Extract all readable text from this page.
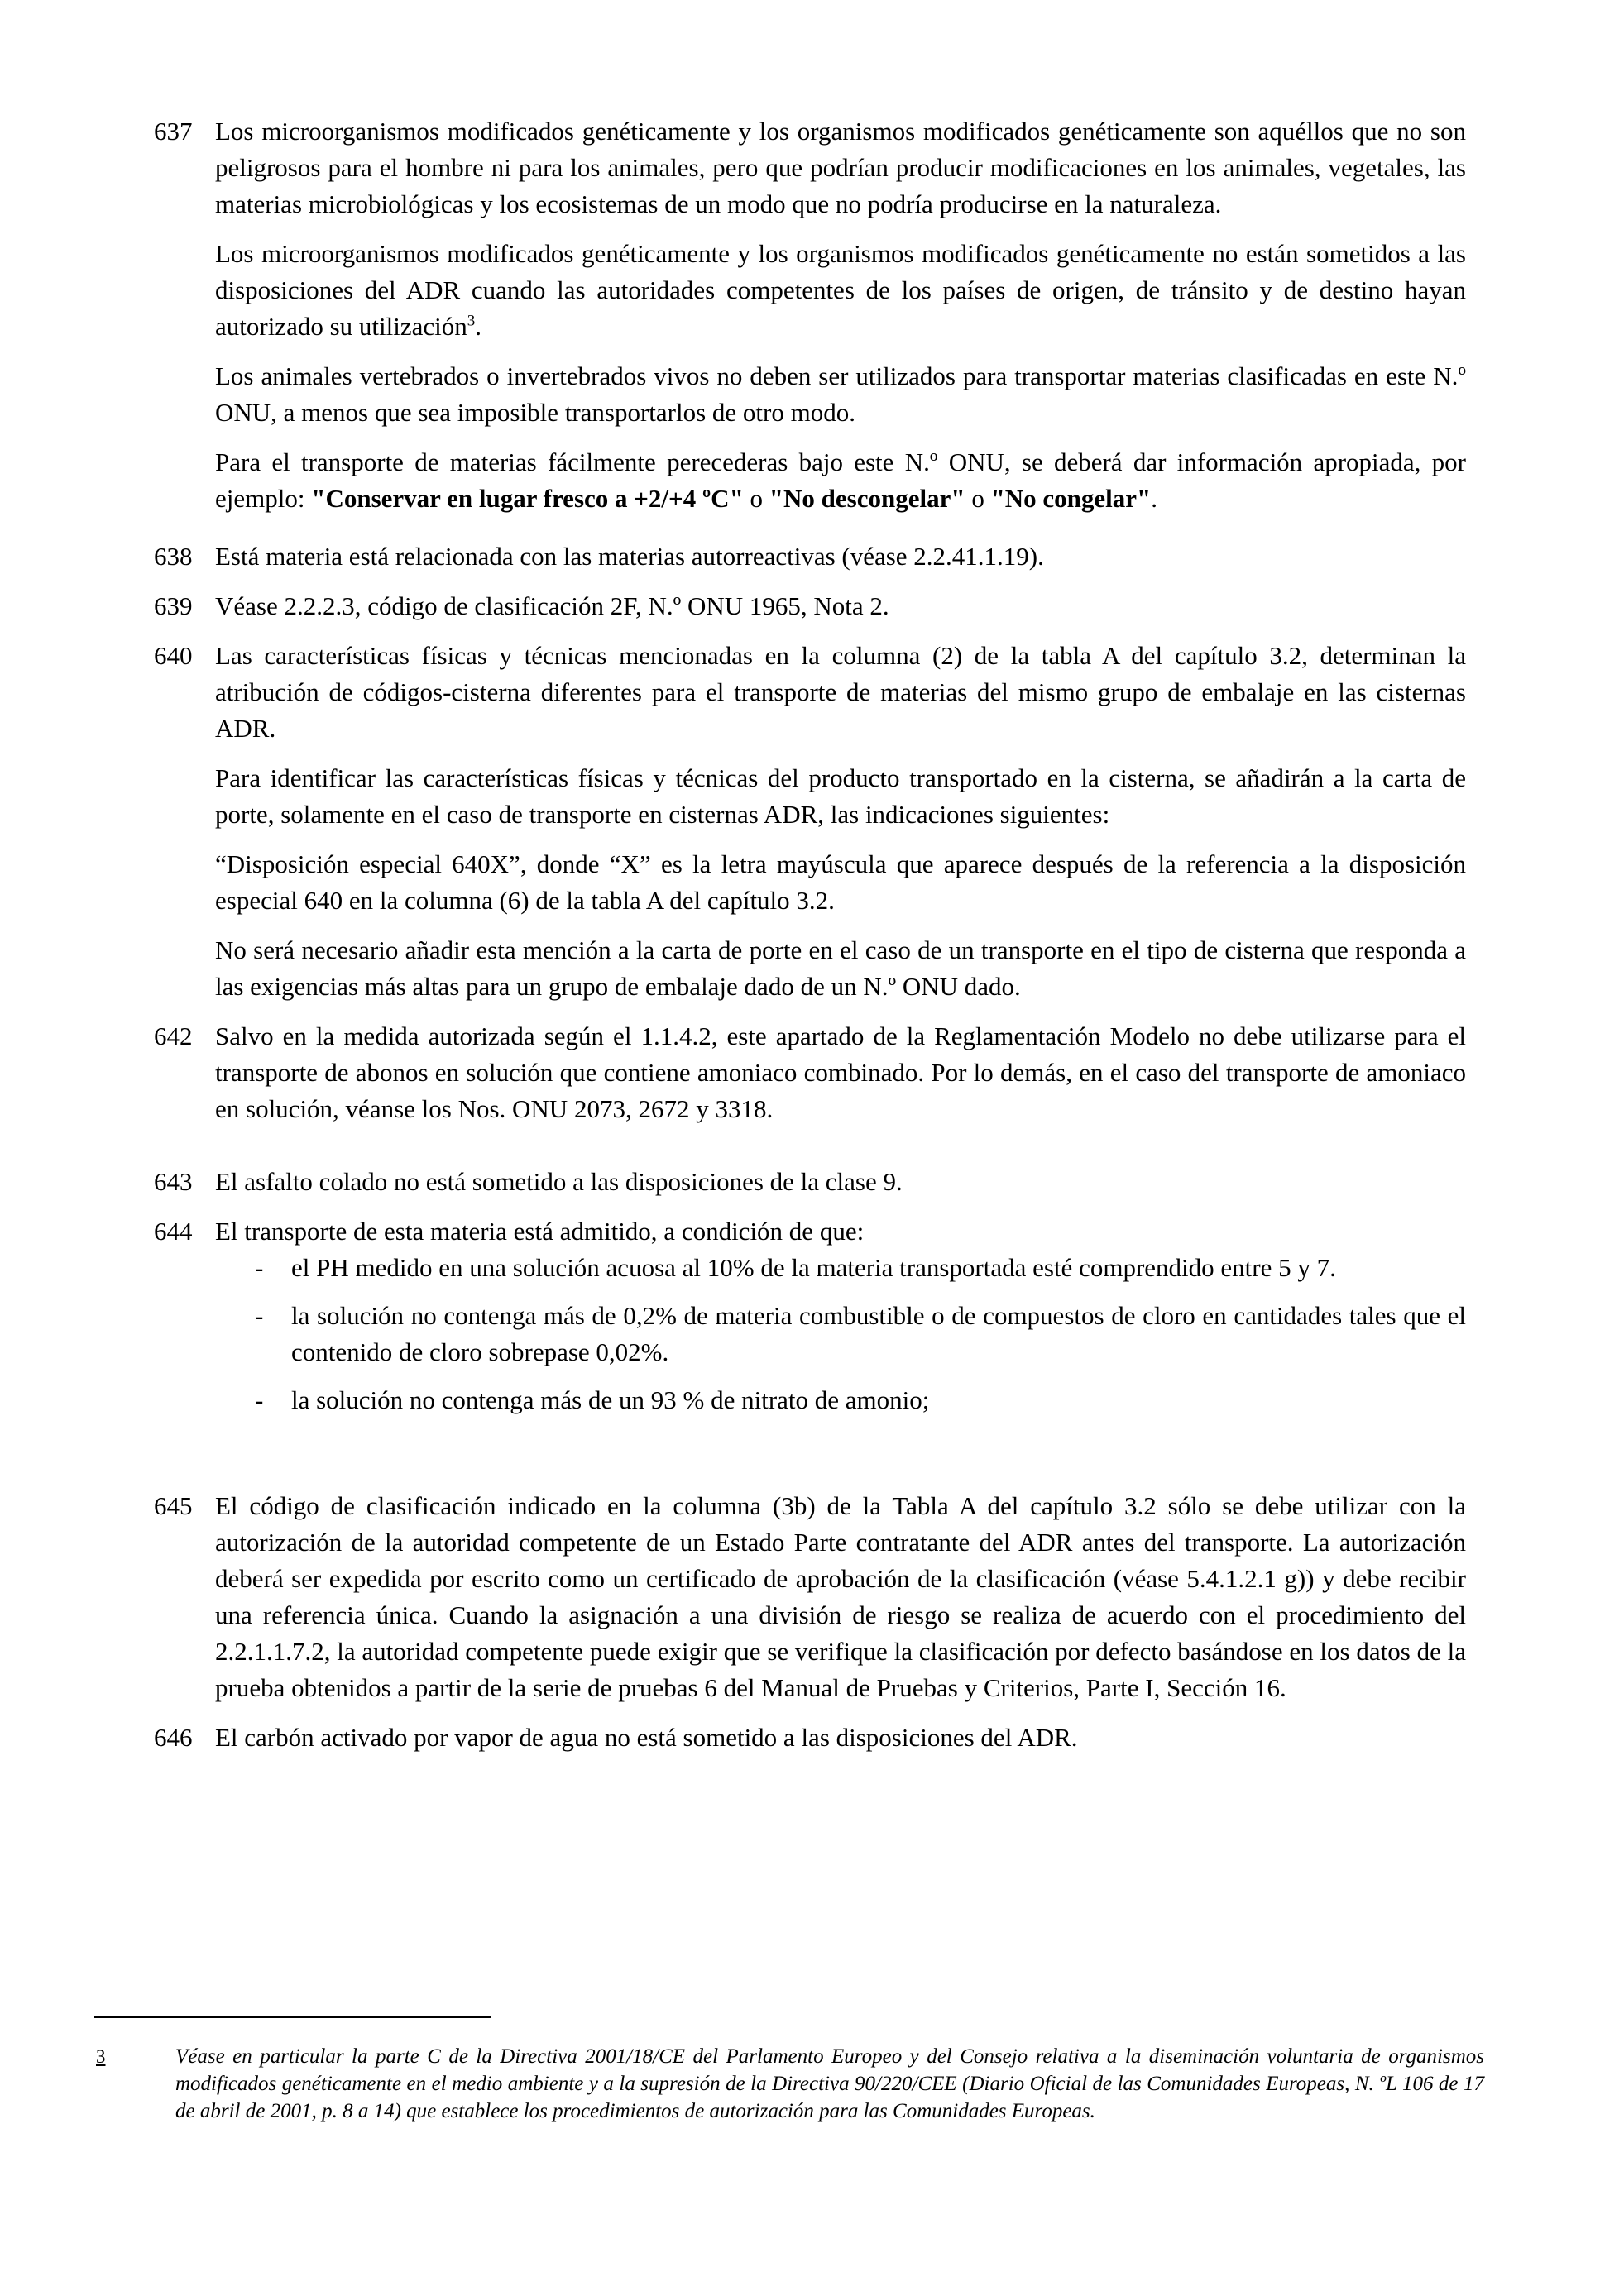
637 Los microorganismos modificados genéticamente y los organismos modificados genéticamente son aquéllos que no son peligrosos para el hombre ni para los animales, pero que podrían producir modificaciones en los animales, vegetales, las materias microbiológicas y los ecosistemas de un modo que no podría producirse en la naturaleza.

Los microorganismos modificados genéticamente y los organismos modificados genéticamente no están sometidos a las disposiciones del ADR cuando las autoridades competentes de los países de origen, de tránsito y de destino hayan autorizado su utilización$^3$.

Los animales vertebrados o invertebrados vivos no deben ser utilizados para transportar materias clasificadas en este N.º ONU, a menos que sea imposible transportarlos de otro modo.

Para el transporte de materias fácilmente perecederas bajo este N.º ONU, se deberá dar información apropiada, por ejemplo: "Conservar en lugar fresco a +2/+4 ºC" o "No descongelar" o "No congelar".

638 Está materia está relacionada con las materias autorreactivas (véase 2.2.41.1.19).

639 Véase 2.2.2.3, código de clasificación 2F, N.º ONU 1965, Nota 2.

640 Las características físicas y técnicas mencionadas en la columna (2) de la tabla A del capítulo 3.2, determinan la atribución de códigos-cisterna diferentes para el transporte de materias del mismo grupo de embalaje en las cisternas ADR.

Para identificar las características físicas y técnicas del producto transportado en la cisterna, se añadirán a la carta de porte, solamente en el caso de transporte en cisternas ADR, las indicaciones siguientes:

“Disposición especial 640X”, donde “X” es la letra mayúscula que aparece después de la referencia a la disposición especial 640 en la columna (6) de la tabla A del capítulo 3.2.

No será necesario añadir esta mención a la carta de porte en el caso de un transporte en el tipo de cisterna que responda a las exigencias más altas para un grupo de embalaje dado de un N.º ONU dado.

642 Salvo en la medida autorizada según el 1.1.4.2, este apartado de la Reglamentación Modelo no debe utilizarse para el transporte de abonos en solución que contiene amoniaco combinado. Por lo demás, en el caso del transporte de amoniaco en solución, véanse los Nos. ONU 2073, 2672 y 3318.

643 El asfalto colado no está sometido a las disposiciones de la clase 9.

644 El transporte de esta materia está admitido, a condición de que:

-	el PH medido en una solución acuosa al 10% de la materia transportada esté comprendido entre 5 y 7.
-	la solución no contenga más de 0,2% de materia combustible o de compuestos de cloro en cantidades tales que el contenido de cloro sobrepase 0,02%.
-	la solución no contenga más de un 93 % de nitrato de amonio;
645 El código de clasificación indicado en la columna (3b) de la Tabla A del capítulo 3.2 sólo se debe utilizar con la autorización de la autoridad competente de un Estado Parte contratante del ADR antes del transporte. La autorización deberá ser expedida por escrito como un certificado de aprobación de la clasificación (véase 5.4.1.2.1 g)) y debe recibir una referencia única. Cuando la asignación a una división de riesgo se realiza de acuerdo con el procedimiento del 2.2.1.1.7.2, la autoridad competente puede exigir que se verifique la clasificación por defecto basándose en los datos de la prueba obtenidos a partir de la serie de pruebas 6 del Manual de Pruebas y Criterios, Parte I, Sección 16.

646 El carbón activado por vapor de agua no está sometido a las disposiciones del ADR.

3	Véase en particular la parte C de la Directiva 2001/18/CE del Parlamento Europeo y del Consejo relativa a la diseminación voluntaria de organismos modificados genéticamente en el medio ambiente y a la supresión de la Directiva 90/220/CEE (Diario Oficial de las Comunidades Europeas, N. ºL 106 de 17 de abril de 2001, p. 8 a 14) que establece los procedimientos de autorización para las Comunidades Europeas.
